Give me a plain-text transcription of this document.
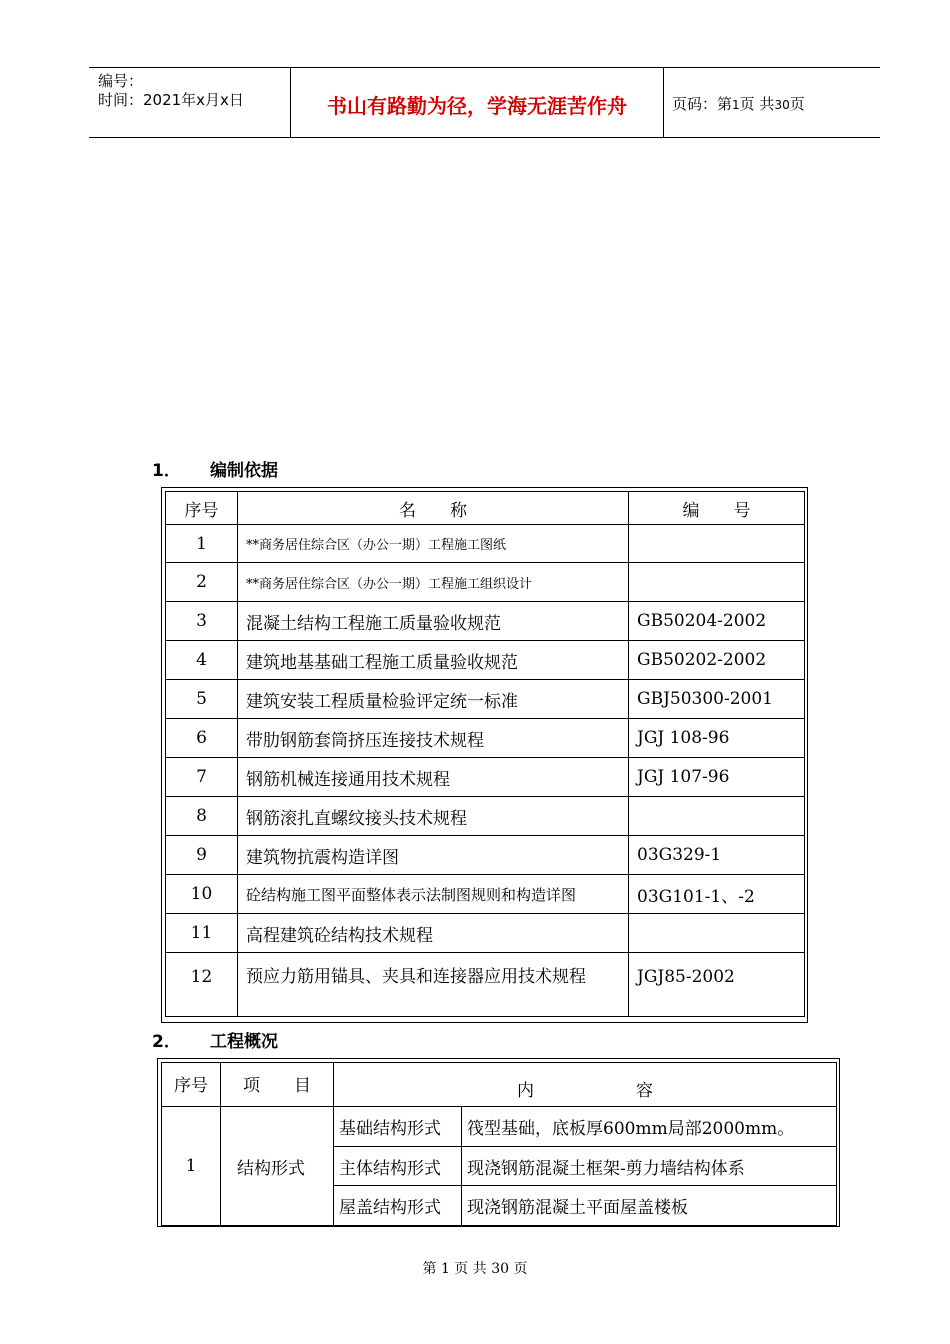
编号：
时间：2021年x月x日	书山有路勤为径，学海无涯苦作舟	页码：第1页 共30页
1． 编制依据
序号	名　　称	编　　号
1	**商务居住综合区（办公一期）工程施工图纸	
2	**商务居住综合区（办公一期）工程施工组织设计	
3	混凝土结构工程施工质量验收规范	GB50204-2002
4	建筑地基基础工程施工质量验收规范	GB50202-2002
5	建筑安装工程质量检验评定统一标准	GBJ50300-2001
6	带肋钢筋套筒挤压连接技术规程	JGJ 108-96
7	钢筋机械连接通用技术规程	JGJ 107-96
8	钢筋滚扎直螺纹接头技术规程	
9	建筑物抗震构造详图	03G329-1
10	砼结构施工图平面整体表示法制图规则和构造详图	03G101-1、-2
11	高程建筑砼结构技术规程	
12	预应力筋用锚具、夹具和连接器应用技术规程	JGJ85-2002
2． 工程概况
序号	项　　目	内　　　　　　容	
1	结构形式	基础结构形式	筏型基础，底板厚600mm局部2000mm。
		主体结构形式	现浇钢筋混凝土框架-剪力墙结构体系
		屋盖结构形式	现浇钢筋混凝土平面屋盖楼板
第 1 页 共 30 页
